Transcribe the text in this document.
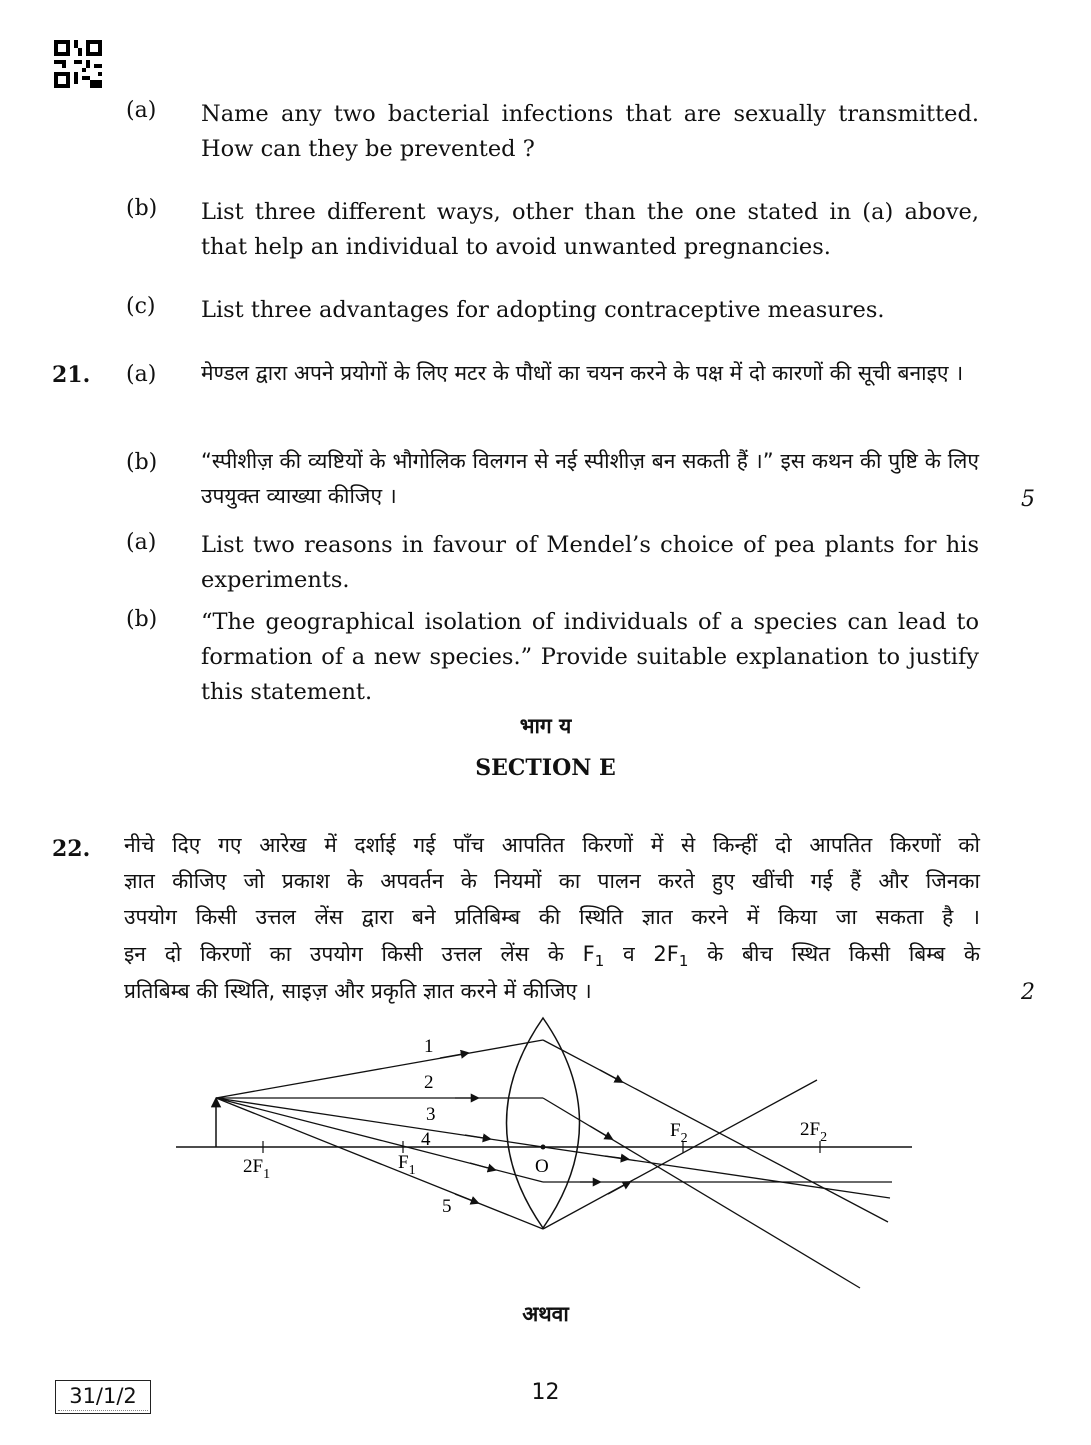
(a)	Name any two bacterial infections that are sexually transmitted. How can they be prevented ?
(b)	List three different ways, other than the one stated in (a) above, that help an individual to avoid unwanted pregnancies.
(c)	List three advantages for adopting contraceptive measures.
21. (a)	मेण्डल द्वारा अपने प्रयोगों के लिए मटर के पौधों का चयन करने के पक्ष में दो कारणों की सूची बनाइए ।
(b)	“स्पीशीज़ की व्यष्टियों के भौगोलिक विलगन से नई स्पीशीज़ बन सकती हैं ।” इस कथन की पुष्टि के लिए उपयुक्त व्याख्या कीजिए ।	5
(a)	List two reasons in favour of Mendel’s choice of pea plants for his experiments.
(b)	“The geographical isolation of individuals of a species can lead to formation of a new species.” Provide suitable explanation to justify this statement.
भाग य
SECTION E
22. नीचे दिए गए आरेख में दर्शाई गई पाँच आपतित किरणों में से किन्हीं दो आपतित किरणों को
ज्ञात कीजिए जो प्रकाश के अपवर्तन के नियमों का पालन करते हुए खींची गई हैं और जिनका
उपयोग किसी उत्तल लेंस द्वारा बने प्रतिबिम्ब की स्थिति ज्ञात करने में किया जा सकता है ।
इन दो किरणों का उपयोग किसी उत्तल लेंस के $F_1$ व $2F_1$ के बीच स्थित किसी बिम्ब के
प्रतिबिम्ब की स्थिति, साइज़ और प्रकृति ज्ञात करने में कीजिए ।	2
1
2
3
4
5
$2F_1$
$F_1$	O
$F_2$	$2F_2$
अथवा
31/1/2	12
